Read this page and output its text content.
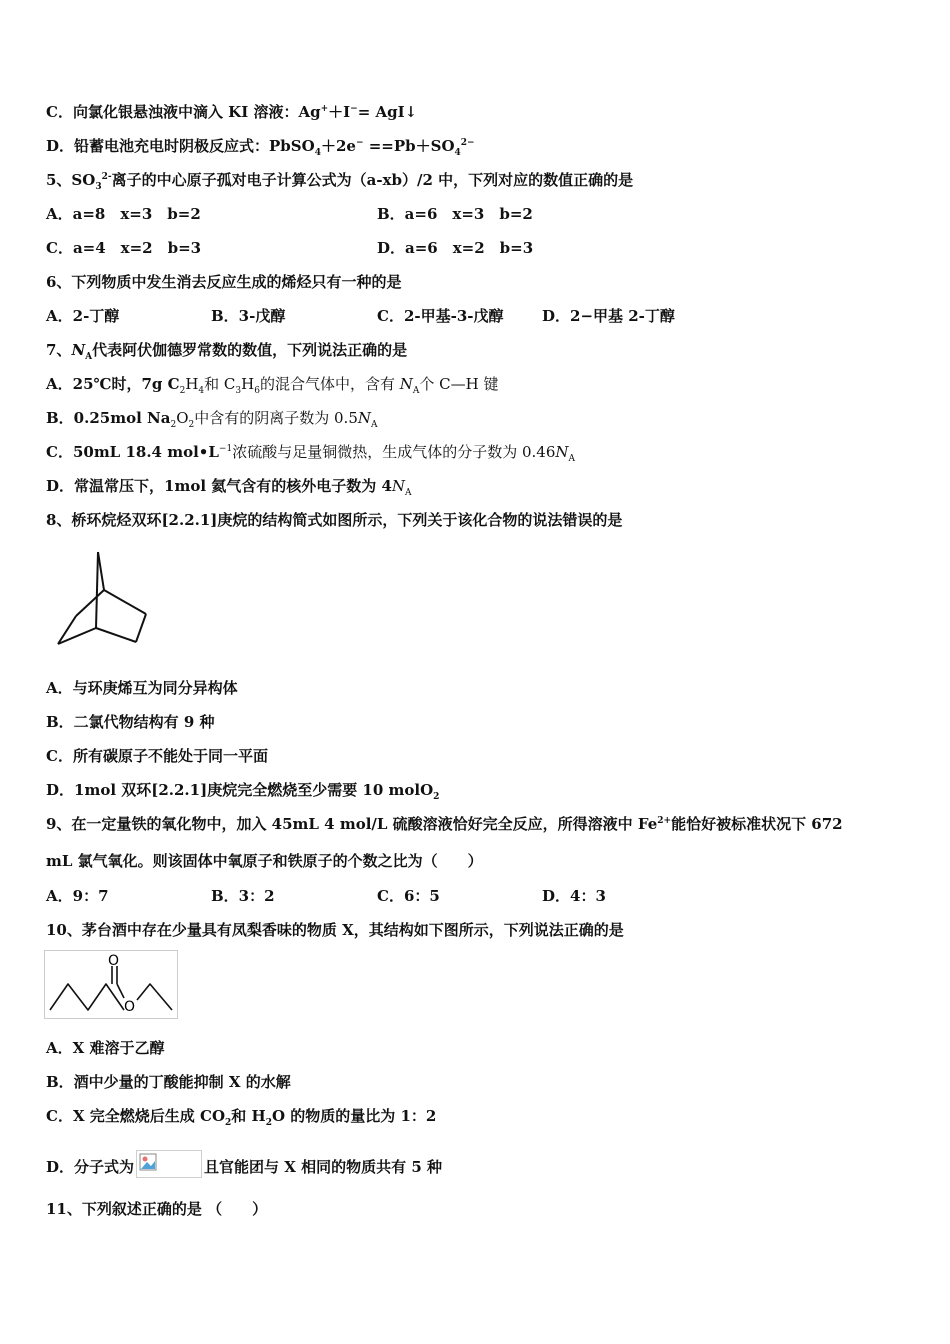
C．向氯化银悬浊液中滴入 KI 溶液：Ag+＋I−= AgI↓
D．铅蓄电池充电时阴极反应式：PbSO$_4$＋2e− $==Pb+SO_4^{2-}$
5、$SO_3^{2-}$离子的中心原子孤对电子计算公式为（a-xb）/2 中，下列对应的数值正确的是
A．a=8　x=3　b=2	B．a=6　x=3　b=2
C．a=4　x=2　b=3	D．a=6　x=2　b=3
6、下列物质中发生消去反应生成的烯烃只有一种的是
A．2-丁醇	B．3-戊醇	C．2-甲基-3-戊醇	D．2−甲基 2-丁醇
7、$N_A$代表阿伏伽德罗常数的数值，下列说法正确的是
A．25℃时，7g $C_2H_4$和 $C_3H_6$的混合气体中，含有 $N_A$个 C—H 键
B．0.25mol $Na_2O_2$中含有的阴离子数为 $0.5N_A$
C．50mL 18.4 $mol•L^{-1}$浓硫酸与足量铜微热，生成气体的分子数为 $0.46N_A$
D．常温常压下，1mol 氦气含有的核外电子数为 $4N_A$
8、桥环烷烃双环[2.2.1]庚烷的结构简式如图所示，下列关于该化合物的说法错误的是
A．与环庚烯互为同分异构体
B．二氯代物结构有 9 种
C．所有碳原子不能处于同一平面
D．1mol 双环[2.2.1]庚烷完全燃烧至少需要 10 molO$_2$
9、在一定量铁的氧化物中，加入 45mL 4 mol/L 硫酸溶液恰好完全反应，所得溶液中 $Fe^{2+}$能恰好被标准状况下 672
mL 氯气氧化。则该固体中氧原子和铁原子的个数之比为（　　）
A．9：7	B．3：2	C．6：5	D．4：3
10、茅台酒中存在少量具有凤梨香味的物质 X，其结构如下图所示，下列说法正确的是
O
O
A．X 难溶于乙醇
B．酒中少量的丁酸能抑制 X 的水解
C．X 完全燃烧后生成 $CO_2$和 $H_2O$ 的物质的量比为 1：2
D．分子式为	且官能团与 X 相同的物质共有 5 种
11、下列叙述正确的是 （　　）
